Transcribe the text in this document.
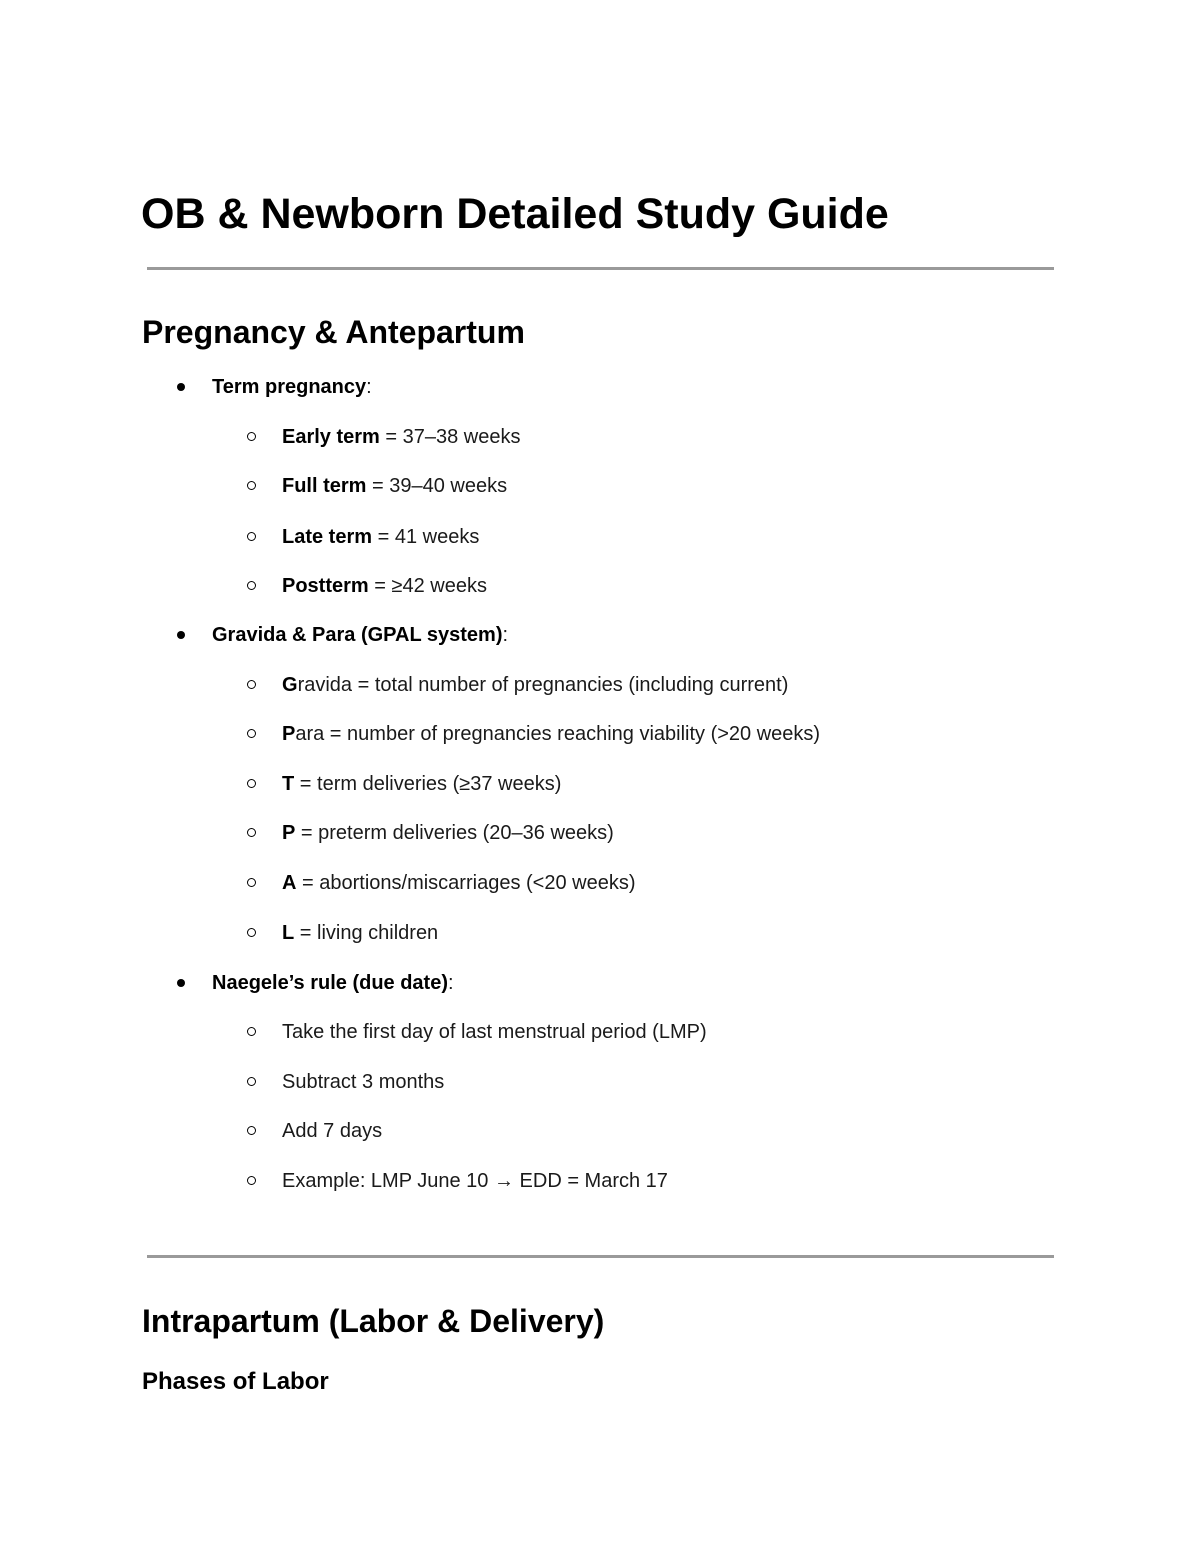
OB & Newborn Detailed Study Guide
Pregnancy & Antepartum
Term pregnancy:
Early term = 37–38 weeks
Full term = 39–40 weeks
Late term = 41 weeks
Postterm = ≥42 weeks
Gravida & Para (GPAL system):
Gravida = total number of pregnancies (including current)
Para = number of pregnancies reaching viability (>20 weeks)
T = term deliveries (≥37 weeks)
P = preterm deliveries (20–36 weeks)
A = abortions/miscarriages (<20 weeks)
L = living children
Naegele’s rule (due date):
Take the first day of last menstrual period (LMP)
Subtract 3 months
Add 7 days
Example: LMP June 10 → EDD = March 17
Intrapartum (Labor & Delivery)
Phases of Labor
